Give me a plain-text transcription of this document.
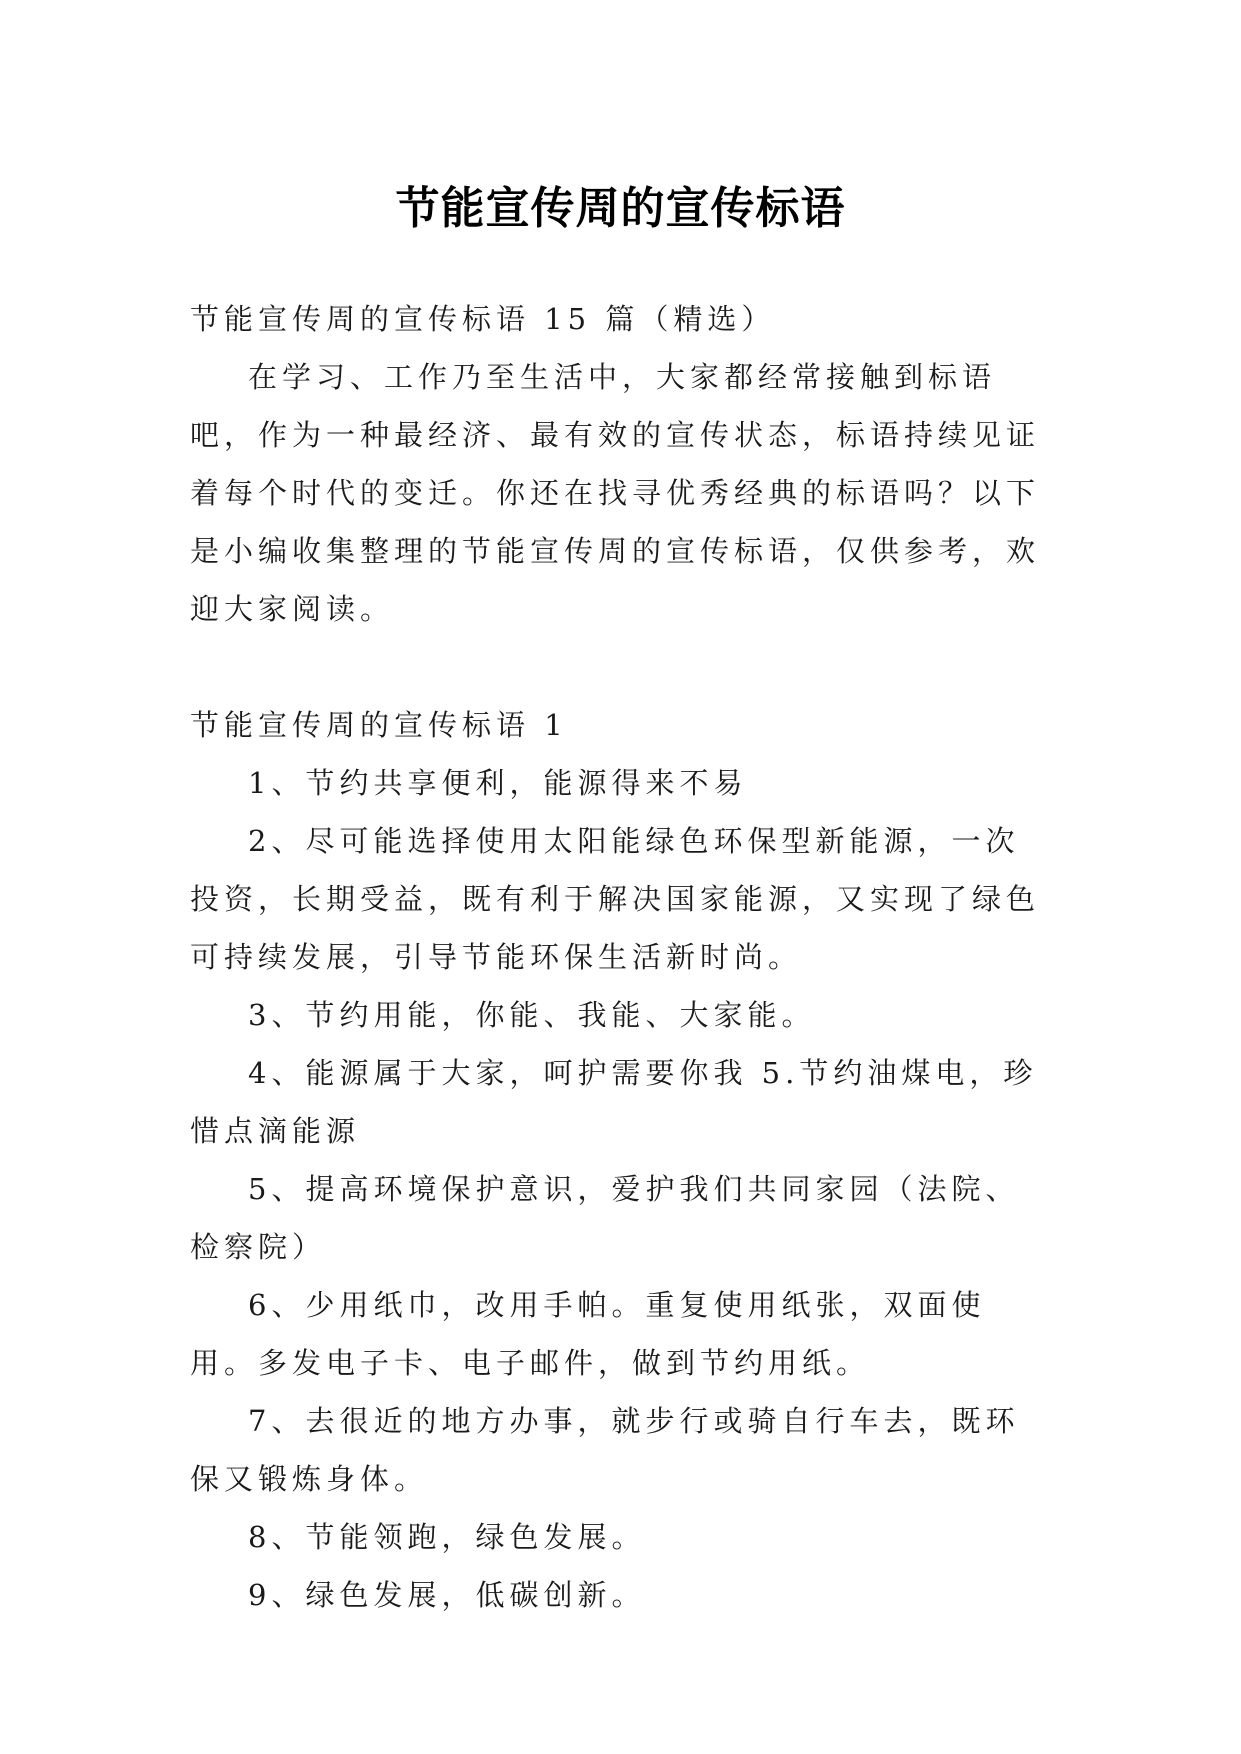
节能宣传周的宣传标语

节能宣传周的宣传标语 15 篇（精选）

在学习、工作乃至生活中，大家都经常接触到标语吧，作为一种最经济、最有效的宣传状态，标语持续见证着每个时代的变迁。你还在找寻优秀经典的标语吗？以下是小编收集整理的节能宣传周的宣传标语，仅供参考，欢迎大家阅读。

节能宣传周的宣传标语 1

1、节约共享便利，能源得来不易

2、尽可能选择使用太阳能绿色环保型新能源，一次投资，长期受益，既有利于解决国家能源，又实现了绿色可持续发展，引导节能环保生活新时尚。

3、节约用能，你能、我能、大家能。

4、能源属于大家，呵护需要你我 5.节约油煤电，珍惜点滴能源

5、提高环境保护意识，爱护我们共同家园（法院、检察院）

6、少用纸巾，改用手帕。重复使用纸张，双面使用。多发电子卡、电子邮件，做到节约用纸。

7、去很近的地方办事，就步行或骑自行车去，既环保又锻炼身体。

8、节能领跑，绿色发展。

9、绿色发展，低碳创新。
